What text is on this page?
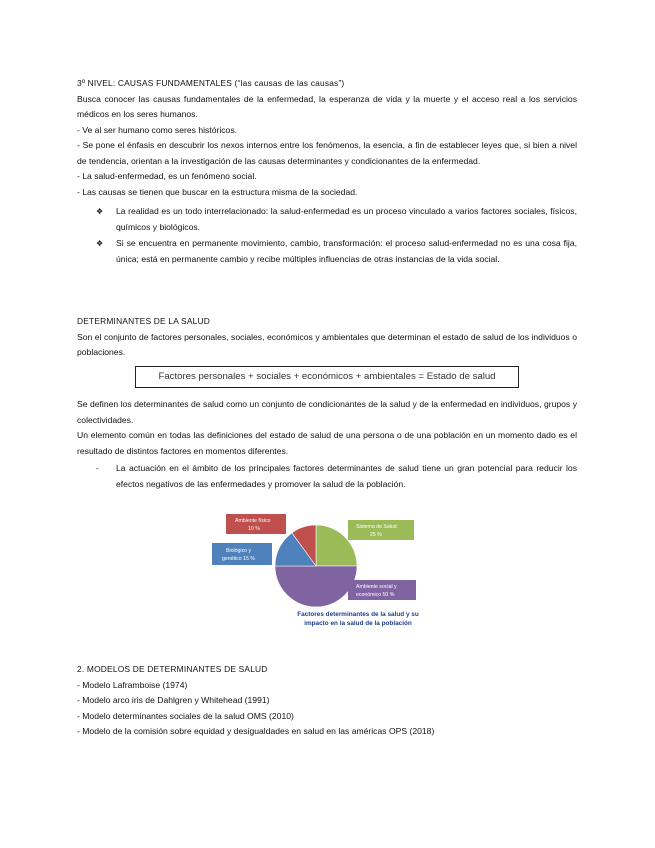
3º NIVEL: CAUSAS FUNDAMENTALES (“las causas de las causas”)

Busca conocer las causas fundamentales de la enfermedad, la esperanza de vida y la muerte y el acceso real a los servicios médicos en los seres humanos.

- Ve al ser humano como seres históricos.

- Se pone el énfasis en descubrir los nexos internos entre los fenómenos, la esencia, a fin de establecer leyes que, si bien a nivel de tendencia, orientan a la investigación de las causas determinantes y condicionantes de la enfermedad.

- La salud-enfermedad, es un fenómeno social.

- Las causas se tienen que buscar en la estructura misma de la sociedad.

❖ La realidad es un todo interrelacionado: la salud-enfermedad es un proceso vinculado a varios factores sociales, físicos, químicos y biológicos.
❖ Si se encuentra en permanente movimiento, cambio, transformación: el proceso salud-enfermedad no es una cosa fija, única; está en permanente cambio y recibe múltiples influencias de otras instancias de la vida social.

DETERMINANTES DE LA SALUD

Son el conjunto de factores personales, sociales, económicos y ambientales que determinan el estado de salud de los individuos o poblaciones.

Factores personales + sociales + económicos + ambientales = Estado de salud

Se definen los determinantes de salud como un conjunto de condicionantes de la salud y de la enfermedad en individuos, grupos y colectividades.

Un elemento común en todas las definiciones del estado de salud de una persona o de una población en un momento dado es el resultado de distintos factores en momentos diferentes.

- La actuación en el ámbito de los principales factores determinantes de salud tiene un gran potencial para reducir los efectos negativos de las enfermedades y promover la salud de la población.
Sistema de Salud
25 %
Ambiente social y
económico 50 %
Biológico y
genético 15 %
Ambiente físico
10 %
Factores determinantes de la salud y su
impacto en la salud de la población

2. MODELOS DE DETERMINANTES DE SALUD

- Modelo Laframboise (1974)

- Modelo arco iris de Dahlgren y Whitehead (1991)

- Modelo determinantes sociales de la salud OMS (2010)

- Modelo de la comisión sobre equidad y desigualdades en salud en las américas OPS (2018)
